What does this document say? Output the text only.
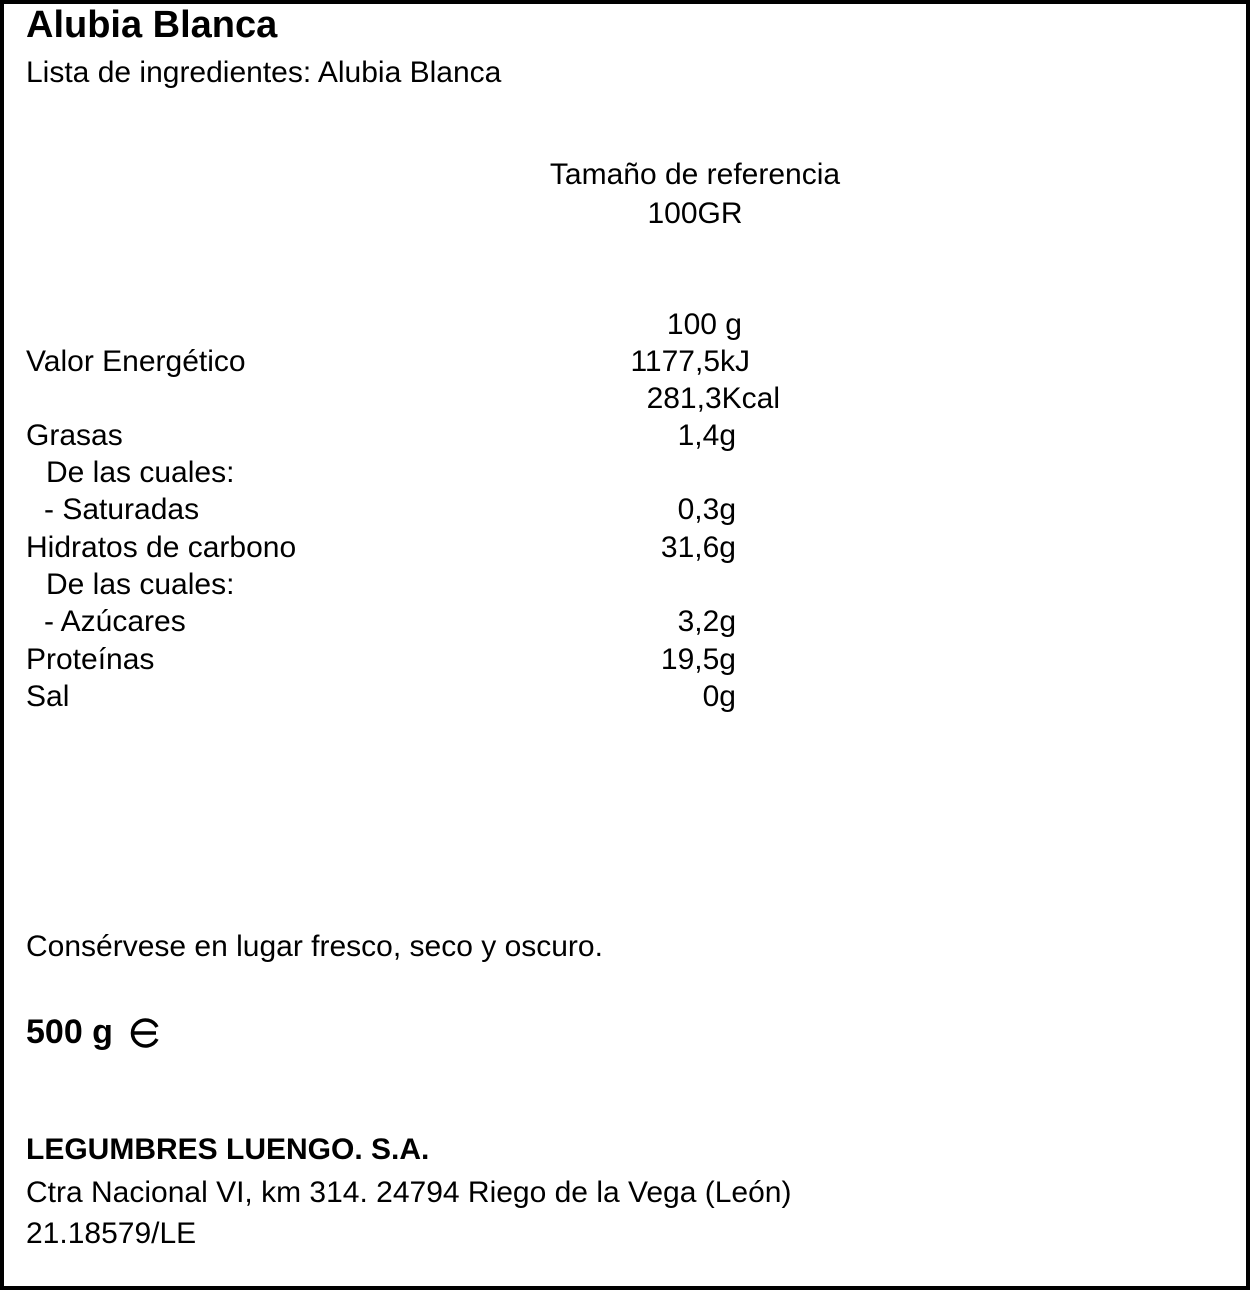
Alubia Blanca
Lista de ingredientes: Alubia Blanca
Tamaño de referencia
100GR
100 g
Valor Energético	1177,5kJ
281,3Kcal
Grasas	1,4g
De las cuales:
- Saturadas	0,3g
Hidratos de carbono	31,6g
De las cuales:
- Azúcares	3,2g
Proteínas	19,5g
Sal	0g
Consérvese en lugar fresco, seco y oscuro.
500 g
LEGUMBRES LUENGO. S.A.
Ctra Nacional VI, km 314. 24794 Riego de la Vega (León)
21.18579/LE
